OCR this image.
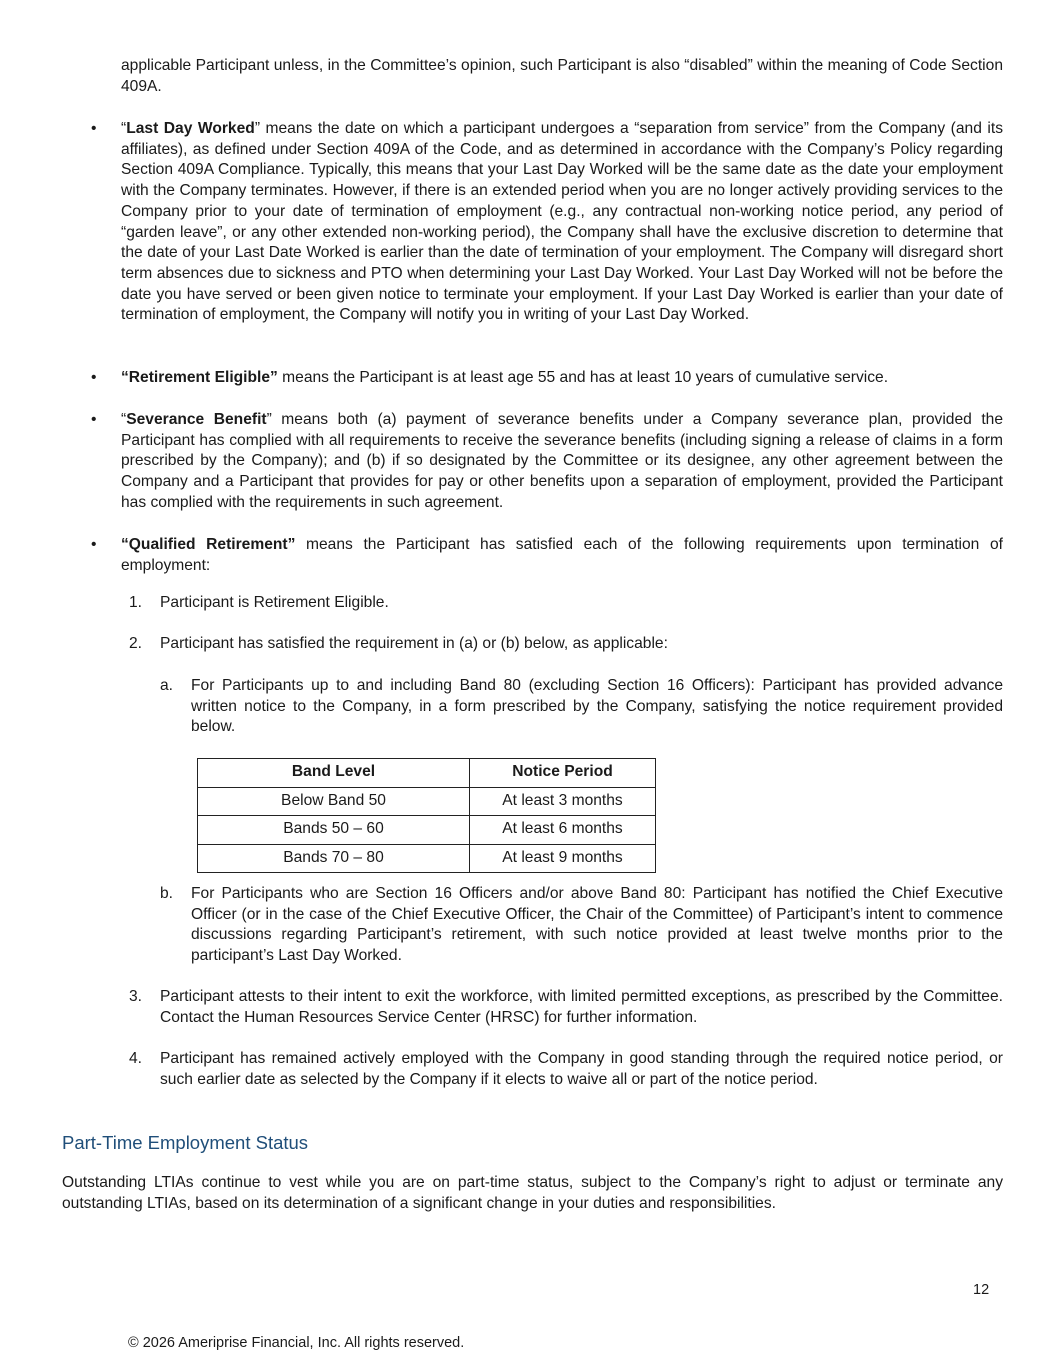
applicable Participant unless, in the Committee’s opinion, such Participant is also “disabled” within the meaning of Code Section 409A.
• “Last Day Worked” means the date on which a participant undergoes a “separation from service” from the Company (and its affiliates), as defined under Section 409A of the Code, and as determined in accordance with the Company’s Policy regarding Section 409A Compliance. Typically, this means that your Last Day Worked will be the same date as the date your employment with the Company terminates. However, if there is an extended period when you are no longer actively providing services to the Company prior to your date of termination of employment (e.g., any contractual non-working notice period, any period of “garden leave”, or any other extended non-working period), the Company shall have the exclusive discretion to determine that the date of your Last Date Worked is earlier than the date of termination of your employment. The Company will disregard short term absences due to sickness and PTO when determining your Last Day Worked. Your Last Day Worked will not be before the date you have served or been given notice to terminate your employment. If your Last Day Worked is earlier than your date of termination of employment, the Company will notify you in writing of your Last Day Worked.
• “Retirement Eligible” means the Participant is at least age 55 and has at least 10 years of cumulative service.
• “Severance Benefit” means both (a) payment of severance benefits under a Company severance plan, provided the Participant has complied with all requirements to receive the severance benefits (including signing a release of claims in a form prescribed by the Company); and (b) if so designated by the Committee or its designee, any other agreement between the Company and a Participant that provides for pay or other benefits upon a separation of employment, provided the Participant has complied with the requirements in such agreement.
• “Qualified Retirement” means the Participant has satisfied each of the following requirements upon termination of employment:
1. Participant is Retirement Eligible.
2. Participant has satisfied the requirement in (a) or (b) below, as applicable:
a. For Participants up to and including Band 80 (excluding Section 16 Officers): Participant has provided advance written notice to the Company, in a form prescribed by the Company, satisfying the notice requirement provided below.
Band Level	Notice Period
Below Band 50	At least 3 months
Bands 50 – 60	At least 6 months
Bands 70 – 80	At least 9 months
b. For Participants who are Section 16 Officers and/or above Band 80: Participant has notified the Chief Executive Officer (or in the case of the Chief Executive Officer, the Chair of the Committee) of Participant’s intent to commence discussions regarding Participant’s retirement, with such notice provided at least twelve months prior to the participant’s Last Day Worked.
3. Participant attests to their intent to exit the workforce, with limited permitted exceptions, as prescribed by the Committee. Contact the Human Resources Service Center (HRSC) for further information.
4. Participant has remained actively employed with the Company in good standing through the required notice period, or such earlier date as selected by the Company if it elects to waive all or part of the notice period.
Part-Time Employment Status
Outstanding LTIAs continue to vest while you are on part-time status, subject to the Company’s right to adjust or terminate any outstanding LTIAs, based on its determination of a significant change in your duties and responsibilities.
12
© 2026 Ameriprise Financial, Inc. All rights reserved.
